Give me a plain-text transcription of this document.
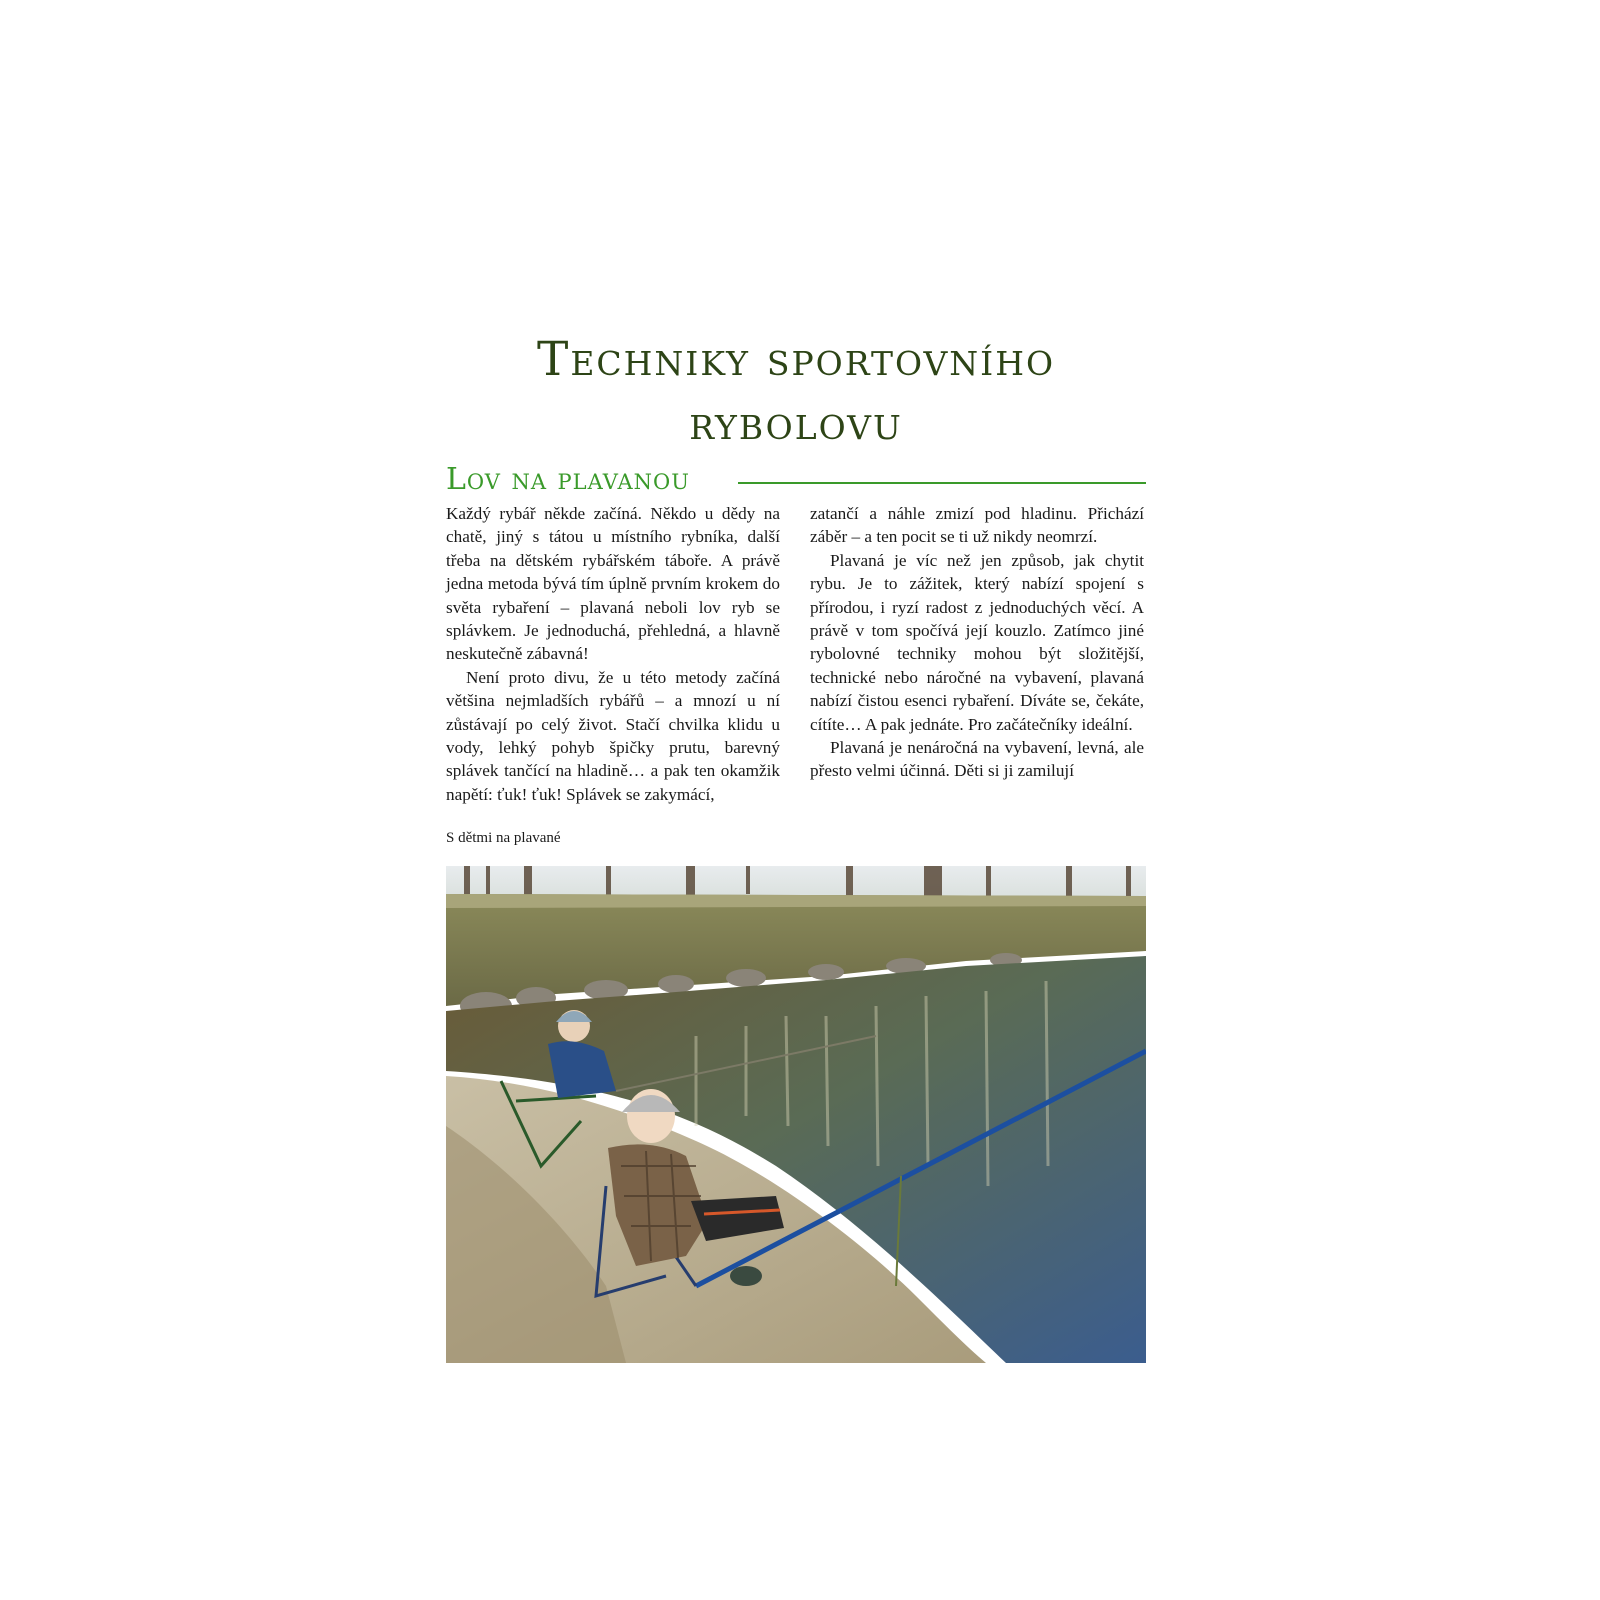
Techniky sportovního
rybolovu
Lov na plavanou

Každý rybář někde začíná. Někdo u dědy na chatě, jiný s tátou u místního rybníka, další třeba na dětském rybářském táboře. A právě jedna metoda bývá tím úplně prvním krokem do světa rybaření – plavaná neboli lov ryb se splávkem. Je jednoduchá, přehledná, a hlavně neskutečně zábavná!

Není proto divu, že u této metody začíná většina nejmladších rybářů – a mnozí u ní zůstávají po celý život. Stačí chvilka klidu u vody, lehký pohyb špičky prutu, barevný splávek tančící na hladině… a pak ten okamžik napětí: ťuk! ťuk! Splávek se zakymácí,

zatančí a náhle zmizí pod hladinu. Přichází záběr – a ten pocit se ti už nikdy neomrzí.

Plavaná je víc než jen způsob, jak chytit rybu. Je to zážitek, který nabízí spojení s přírodou, i ryzí radost z jednoduchých věcí. A právě v tom spočívá její kouzlo. Zatímco jiné rybolovné techniky mohou být složitější, technické nebo náročné na vybavení, plavaná nabízí čistou esenci rybaření. Díváte se, čekáte, cítíte… A pak jednáte. Pro začátečníky ideální.

Plavaná je nenáročná na vybavení, levná, ale přesto velmi účinná. Děti si ji zamilují

S dětmi na plavané
